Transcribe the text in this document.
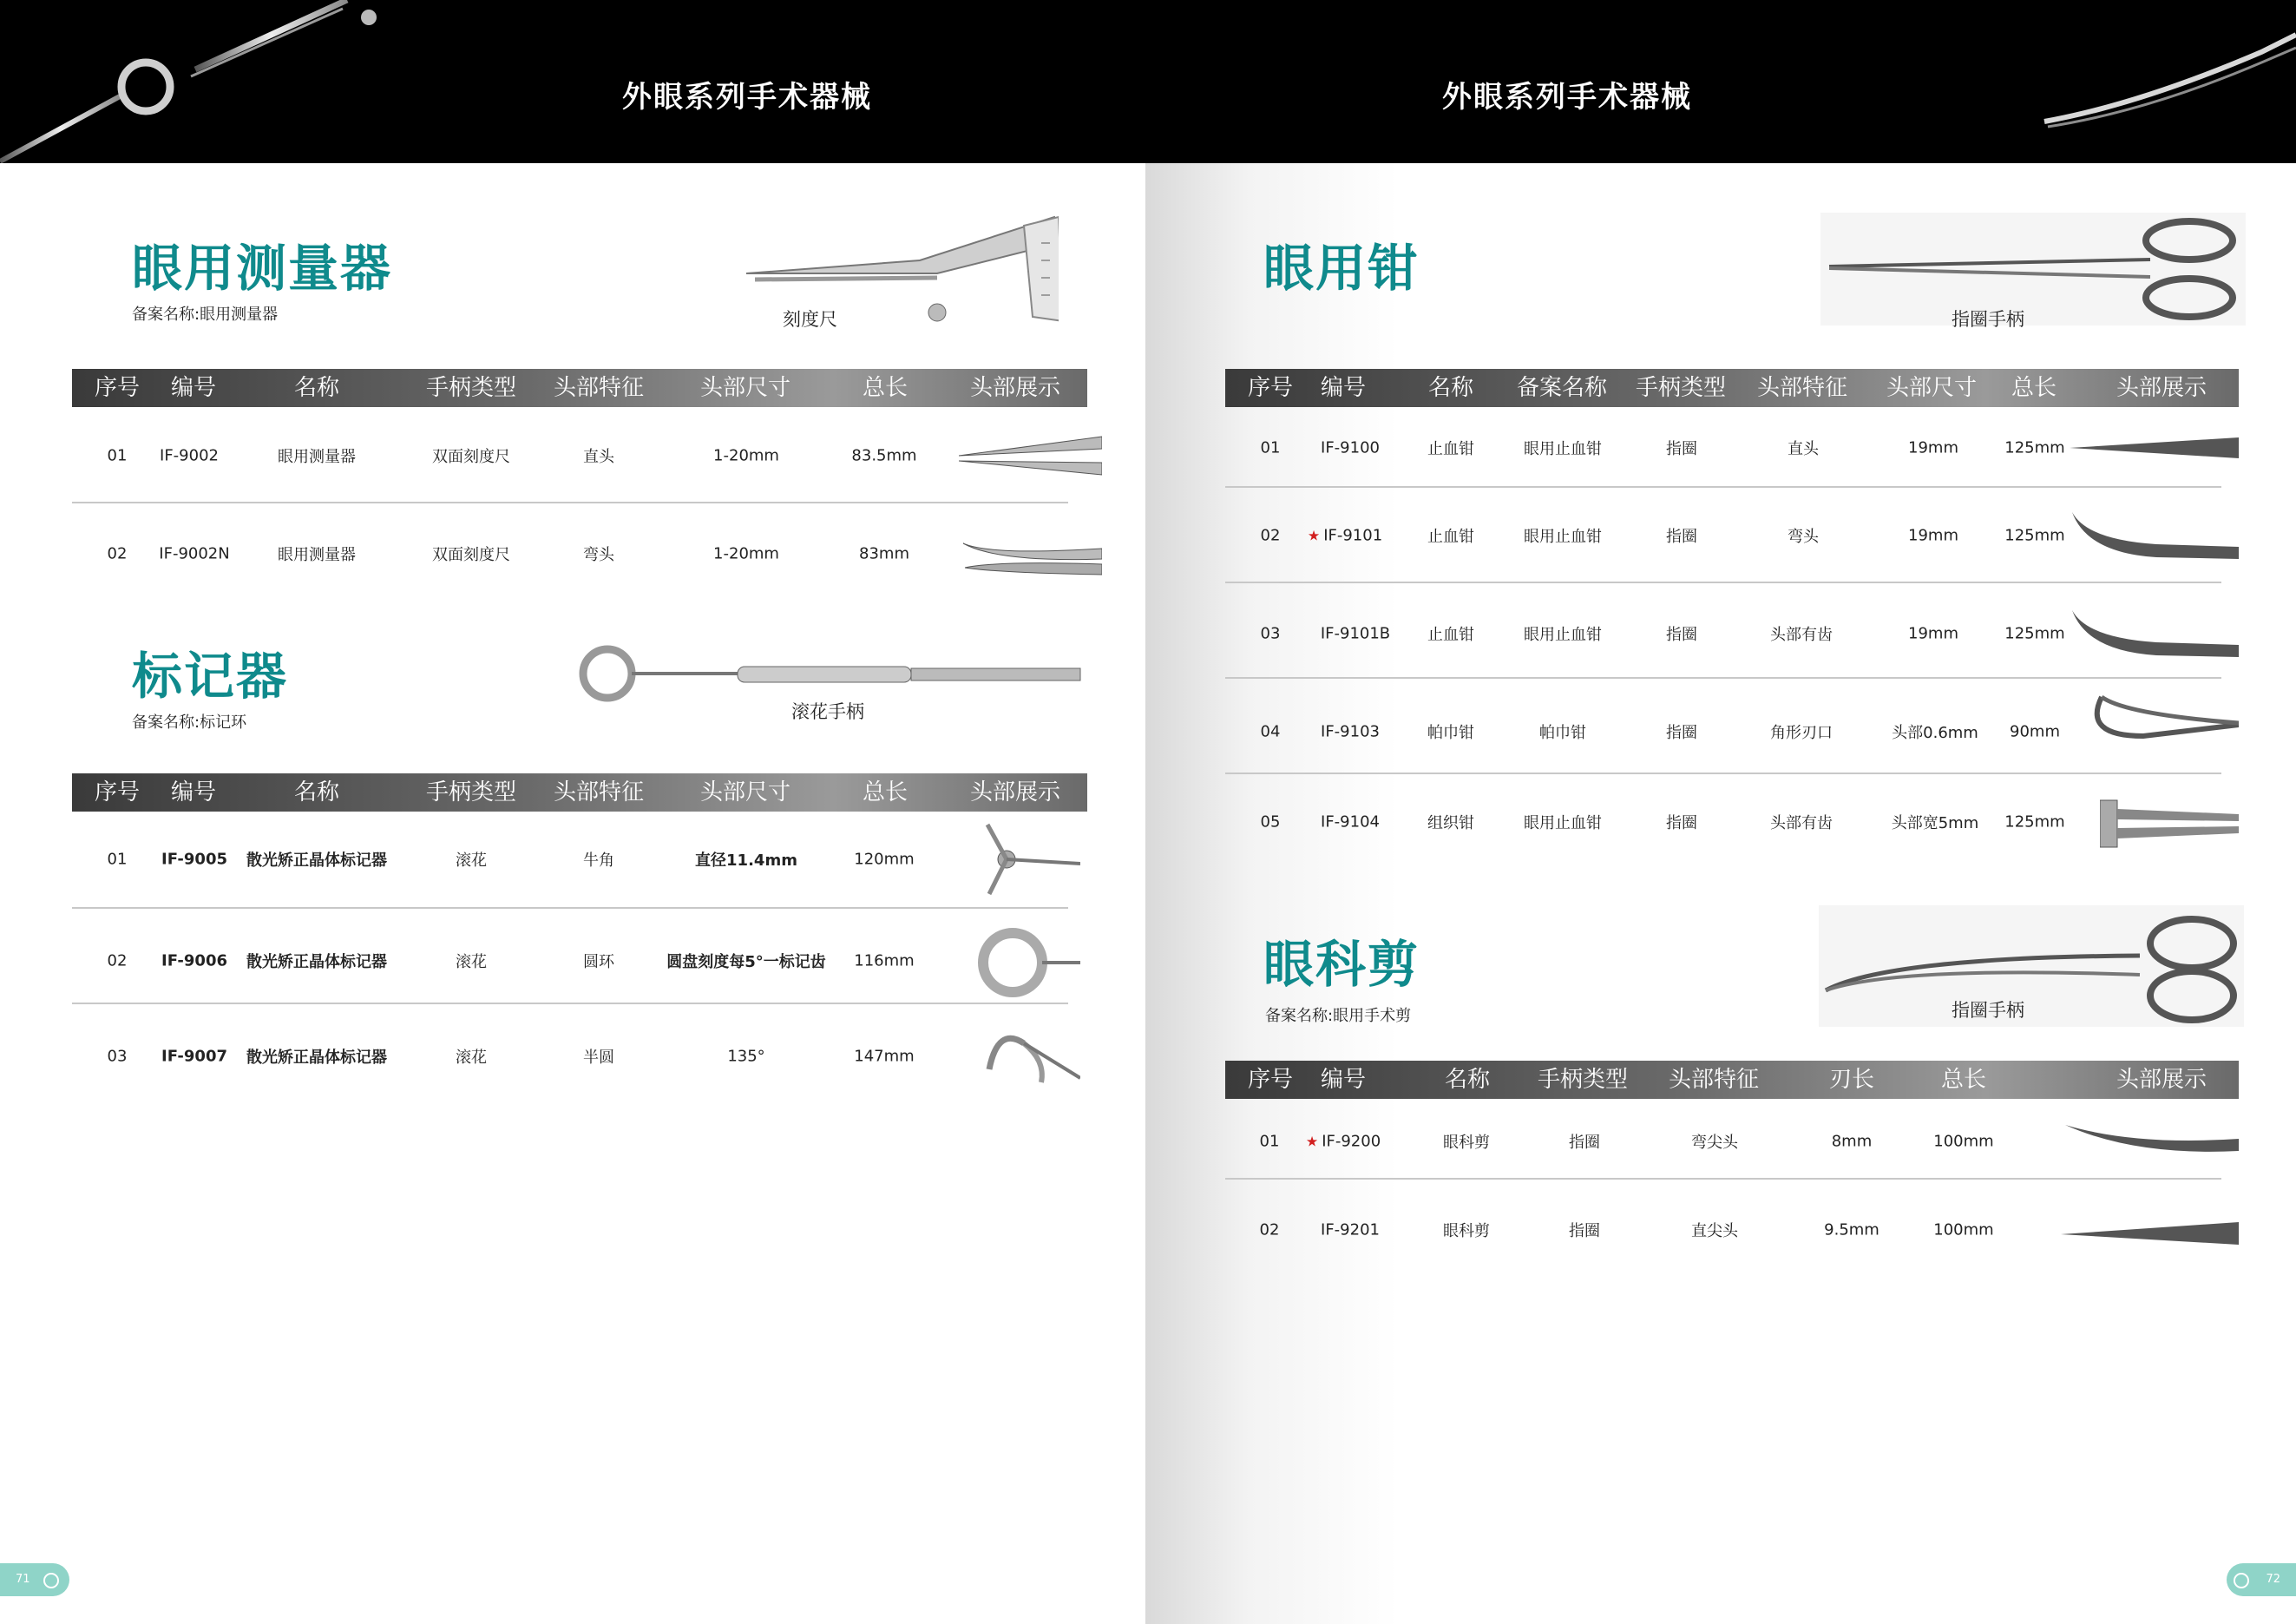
外眼系列手术器械	外眼系列手术器械
眼用测量器
备案名称:眼用测量器	刻度尺
序号 编号	名称	手柄类型 头部特征 头部尺寸	总长	头部展示
01 IF-9002	眼用测量器	双面刻度尺	直头	1-20mm	83.5mm
02 IF-9002N	眼用测量器	双面刻度尺	弯头	1-20mm	83mm
标记器
备案名称:标记环
滚花手柄
序号 编号	名称	手柄类型 头部特征 头部尺寸	总长	头部展示
01 IF-9005 散光矫正晶体标记器	滚花	牛角	直径11.4mm	120mm
02 IF-9006 散光矫正晶体标记器	滚花	圆环	圆盘刻度每5°一标记齿 116mm
03 IF-9007 散光矫正晶体标记器	滚花	半圆	135°	147mm
71
眼用钳
指圈手柄
序号 编号	名称 备案名称 手柄类型 头部特征 头部尺寸 总长	头部展示
01	IF-9100	止血钳	眼用止血钳	指圈	直头	19mm	125mm
02 ★ IF-9101	止血钳	眼用止血钳	指圈	弯头	19mm	125mm
03	IF-9101B 止血钳	眼用止血钳	指圈	头部有齿	19mm	125mm
04	IF-9103	帕巾钳	帕巾钳	指圈	角形刃口	头部0.6mm 90mm
05	IF-9104	组织钳	眼用止血钳	指圈	头部有齿	头部宽5mm 125mm
眼科剪
备案名称:眼用手术剪	指圈手柄
序号 编号	名称 手柄类型 头部特征	刃长	总长	头部展示
01 ★ IF-9200	眼科剪	指圈	弯尖头	8mm	100mm
02	IF-9201	眼科剪	指圈	直尖头	9.5mm	100mm
72
